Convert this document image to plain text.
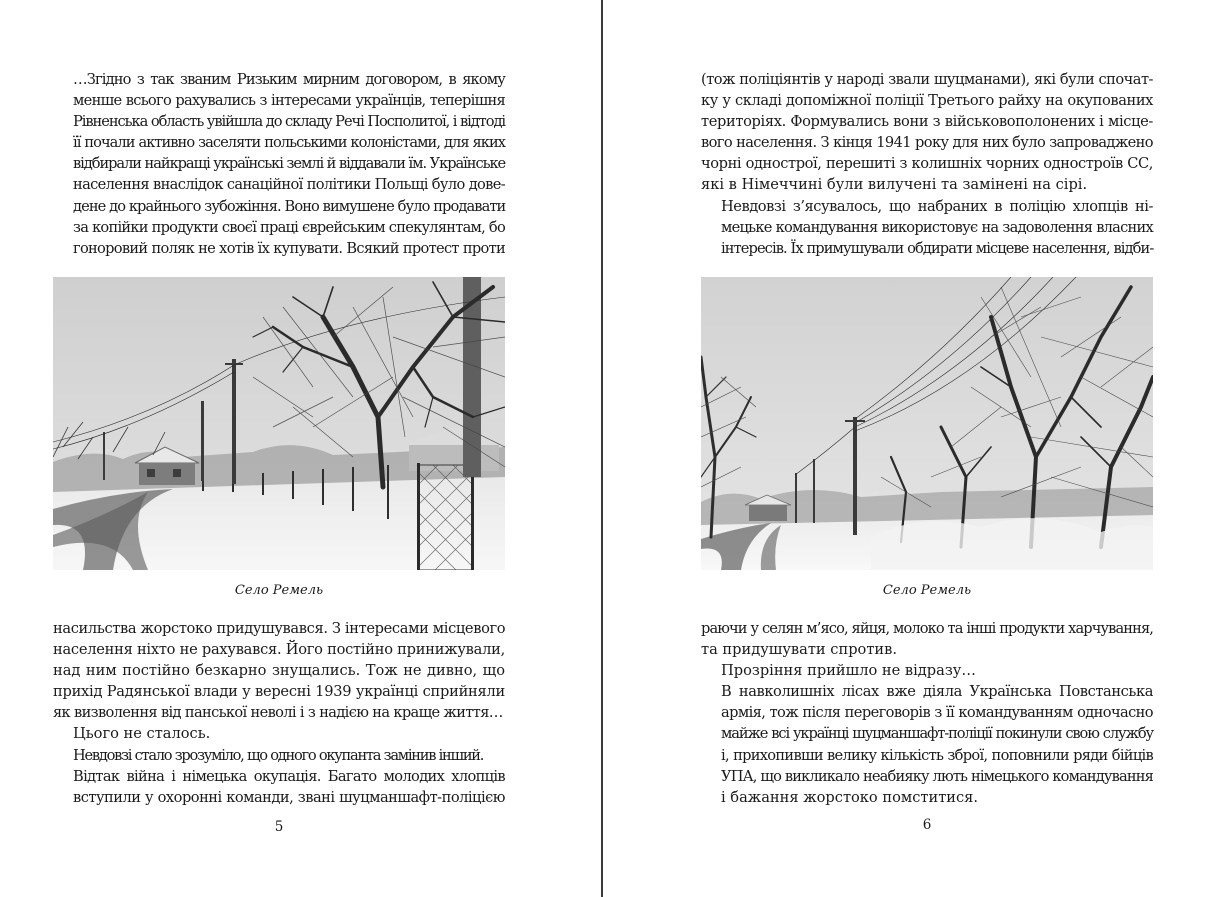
…Згідно з так званим Ризьким мирним договором, в якому
менше всього рахувались з інтересами українців, теперішня
Рівненська область увійшла до складу Речі Посполитої, і відтоді
її почали активно заселяти польськими колоністами, для яких
відбирали найкращі українські землі й віддавали їм. Українське
населення внаслідок санаційної політики Польщі було дове-
дене до крайнього зубожіння. Воно вимушене було продавати
за копійки продукти своєї праці єврейським спекулянтам, бо
гоноровий поляк не хотів їх купувати. Всякий протест проти

Село Ремель

насильства жорстоко придушувався. З інтересами місцевого
населення ніхто не рахувався. Його постійно принижували,
над ним постійно безкарно знущались. Тож не дивно, що
прихід Радянської влади у вересні 1939 українці сприйняли
як визволення від панської неволі і з надією на краще життя…

Цього не сталось.

Невдовзі стало зрозуміло, що одного окупанта замінив інший.

Відтак війна і німецька окупація. Багато молодих хлопців
вступили у охоронні команди, звані шуцманшафт-поліцією

5

(тож поліціянтів у народі звали шуцманами), які були спочат-
ку у складі допоміжної поліції Третього райху на окупованих
територіях. Формувались вони з військовополонених і місце-
вого населення. З кінця 1941 року для них було запроваджено
чорні однострої, перешиті з колишніх чорних одностроїв СС,
які в Німеччині були вилучені та замінені на сірі.

Невдовзі з’ясувалось, що набраних в поліцію хлопців ні-
мецьке командування використовує на задоволення власних
інтересів. Їх примушували обдирати місцеве населення, відби-

Село Ремель

раючи у селян м’ясо, яйця, молоко та інші продукти харчування,
та придушувати спротив.

Прозріння прийшло не відразу…

В навколишніх лісах вже діяла Українська Повстанська
армія, тож після переговорів з її командуванням одночасно
майже всі українці шуцманшафт-поліції покинули свою службу
і, прихопивши велику кількість зброї, поповнили ряди бійців
УПА, що викликало неабияку лють німецького командування
і бажання жорстоко помститися.

6
